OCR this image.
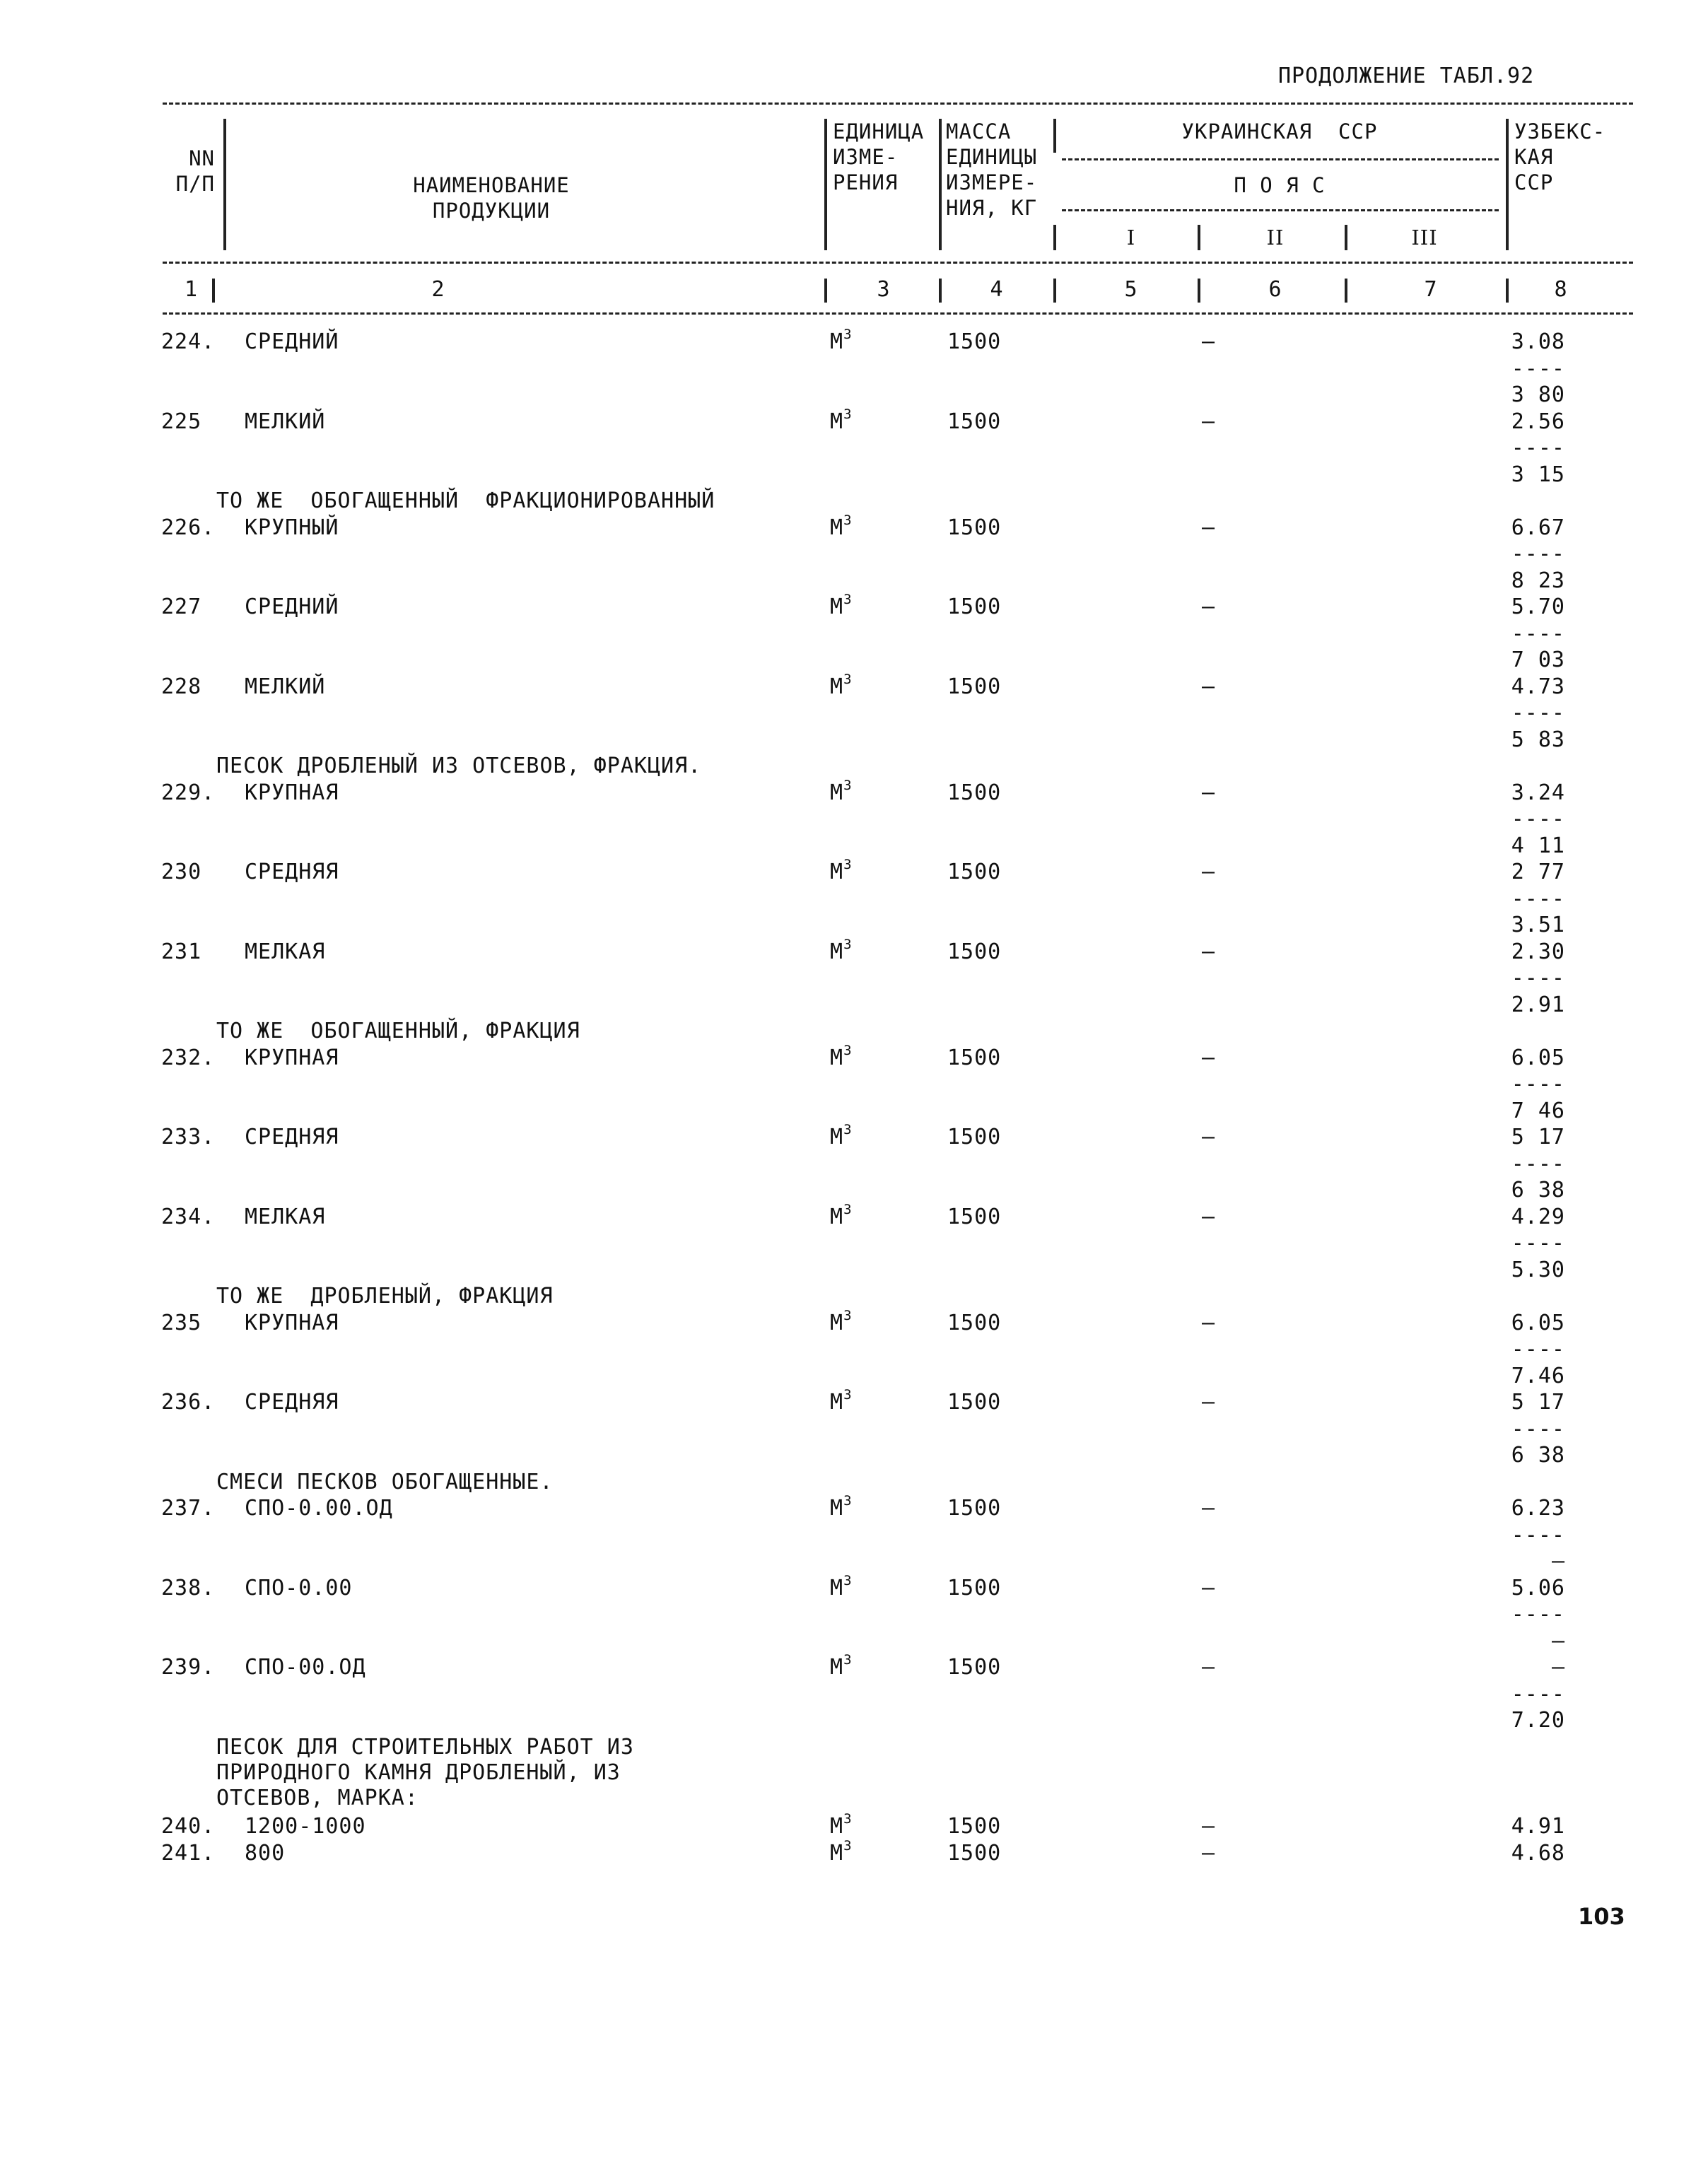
ПРОДОЛЖЕНИЕ ТАБЛ.92
NN
П/П	НАИМЕНОВАНИЕ
ПРОДУКЦИИ
ЕДИНИЦА
ИЗМЕ-
РЕНИЯ
МАССА
ЕДИНИЦЫ
ИЗМЕРЕ-
НИЯ, КГ
УКРАИНСКАЯ  ССР
П О Я С
I	II	III
УЗБЕКС-
КАЯ
ССР
1	2	3	4	5	6	7	8
ТО ЖЕ  ОБОГАЩЕННЫЙ  ФРАКЦИОНИРОВАННЫЙ
ПЕСОК ДРОБЛЕНЫЙ ИЗ ОТСЕВОВ, ФРАКЦИЯ.
ТО ЖЕ  ОБОГАЩЕННЫЙ, ФРАКЦИЯ
ТО ЖЕ  ДРОБЛЕНЫЙ, ФРАКЦИЯ
СМЕСИ ПЕСКОВ ОБОГАЩЕННЫЕ.
ПЕСОК ДЛЯ СТРОИТЕЛЬНЫХ РАБОТ ИЗ
ПРИРОДНОГО КАМНЯ ДРОБЛЕНЫЙ, ИЗ
ОТСЕВОВ, МАРКА:
224. СРЕДНИЙ	$М^3$	1500	–	3.08
----
3 80
225 МЕЛКИЙ	$М^3$	1500	–	2.56
----
3 15
226. КРУПНЫЙ	$М^3$	1500	–	6.67
----
8 23
227 СРЕДНИЙ	$М^3$	1500	–	5.70
----
7 03
228 МЕЛКИЙ	$М^3$	1500	–	4.73
----
5 83
229. КРУПНАЯ	$М^3$	1500	–	3.24
----
4 11
230 СРЕДНЯЯ	$М^3$	1500	–	2 77
----
3.51
231 МЕЛКАЯ	$М^3$	1500	–	2.30
----
2.91
232. КРУПНАЯ	$М^3$	1500	–	6.05
----
7 46
233. СРЕДНЯЯ	$М^3$	1500	–	5 17
----
6 38
234. МЕЛКАЯ	$М^3$	1500	–	4.29
----
5.30
235 КРУПНАЯ	$М^3$	1500	–	6.05
----
7.46
236. СРЕДНЯЯ	$М^3$	1500	–	5 17
----
6 38
237. СПО-0.00.ОД	$М^3$	1500	–	6.23
----
–
238. СПО-0.00	$М^3$	1500	–	5.06
----
–
239. СПО-00.ОД	$М^3$	1500	–	–
----
7.20
240. 1200-1000	$М^3$	1500	–	4.91
241. 800	$М^3$	1500	–	4.68
103
